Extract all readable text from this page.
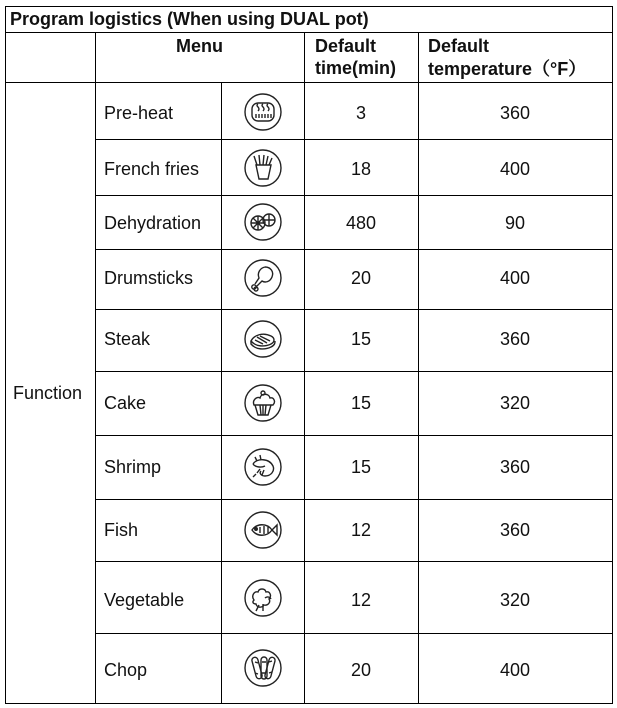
Program logistics (When using DUAL pot)
Menu	Default
time(min)
Default
temperature（°F）
Function
Pre-heat
French fries
Dehydration
Drumsticks
Steak
Cake
Shrimp
Fish
Vegetable
Chop
3
18
480
20
15
15
15
12
12
20
360
400
90
400
360
320
360
360
320
400
